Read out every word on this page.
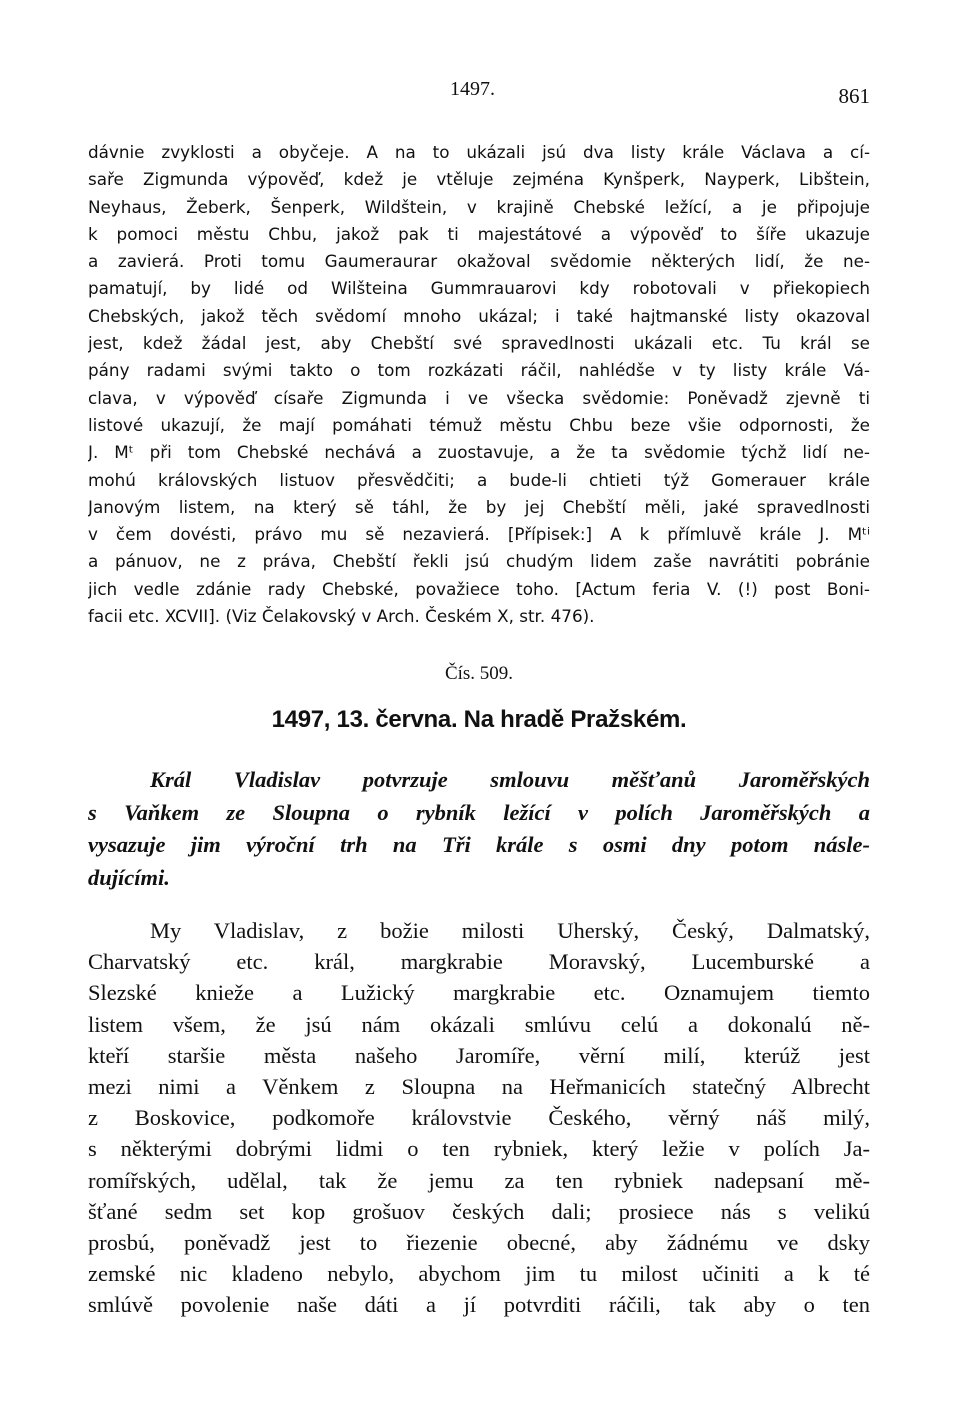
1497.	861
dávnie zvyklosti a obyčeje. A na to ukázali jsú dva listy krále Václava a cí-
saře Zigmunda výpověď, kdež je vtěluje zejména Kynšperk, Nayperk, Libštein,
Neyhaus, Žeberk, Šenperk, Wildštein, v krajině Chebské ležící, a je připojuje
k pomoci městu Chbu, jakož pak ti majestátové a výpověď to šíře ukazuje
a zavierá. Proti tomu Gaumeraurar okažoval svědomie některých lidí, že ne-
pamatují, by lidé od Wilšteina Gummrauarovi kdy robotovali v přiekopiech
Chebských, jakož těch svědomí mnoho ukázal; i také hajtmanské listy okazoval
jest, kdež žádal jest, aby Chebští své spravedlnosti ukázali etc. Tu král se
pány radami svými takto o tom rozkázati ráčil, nahlédše v ty listy krále Vá-
clava, v výpověď císaře Zigmunda i ve všecka svědomie: Poněvadž zjevně ti
listové ukazují, že mají pomáhati témuž městu Chbu beze všie odpornosti, že
J. Mᵗ při tom Chebské nechává a zuostavuje, a že ta svědomie týchž lidí ne-
mohú královských listuov přesvědčiti; a bude-li chtieti týž Gomerauer krále
Janovým listem, na který sě táhl, že by jej Chebští měli, jaké spravedlnosti
v čem dovésti, právo mu sě nezavierá. [Přípisek:] A k přímluvě krále J. Mᵗⁱ
a pánuov, ne z práva, Chebští řekli jsú chudým lidem zaše navrátiti pobránie
jich vedle zdánie rady Chebské, považiece toho. [Actum feria V. (!) post Boni-
facii etc. XCVII]. (Viz Čelakovský v Arch. Českém X, str. 476).
Čís. 509.
1497, 13. června. Na hradě Pražském.
Král Vladislav potvrzuje smlouvu měšťanů Jaroměřských
s Vaňkem ze Sloupna o rybník ležící v polích Jaroměřských a
vysazuje jim výroční trh na Tři krále s osmi dny potom násle-
dujícími.
My Vladislav, z božie milosti Uherský, Český, Dalmatský,
Charvatský etc. král, margkrabie Moravský, Lucemburské a
Slezské knieže a Lužický margkrabie etc. Oznamujem tiemto
listem všem, že jsú nám okázali smlúvu celú a dokonalú ně-
kteří staršie města našeho Jaromíře, věrní milí, kterúž jest
mezi nimi a Věnkem z Sloupna na Heřmanicích statečný Albrecht
z Boskovice, podkomoře královstvie Českého, věrný náš milý,
s některými dobrými lidmi o ten rybniek, který ležie v polích Ja-
romířských, udělal, tak že jemu za ten rybniek nadepsaní mě-
šťané sedm set kop grošuov českých dali; prosiece nás s velikú
prosbú, poněvadž jest to řiezenie obecné, aby žádnému ve dsky
zemské nic kladeno nebylo, abychom jim tu milost učiniti a k té
smlúvě povolenie naše dáti a jí potvrditi ráčili, tak aby o ten
